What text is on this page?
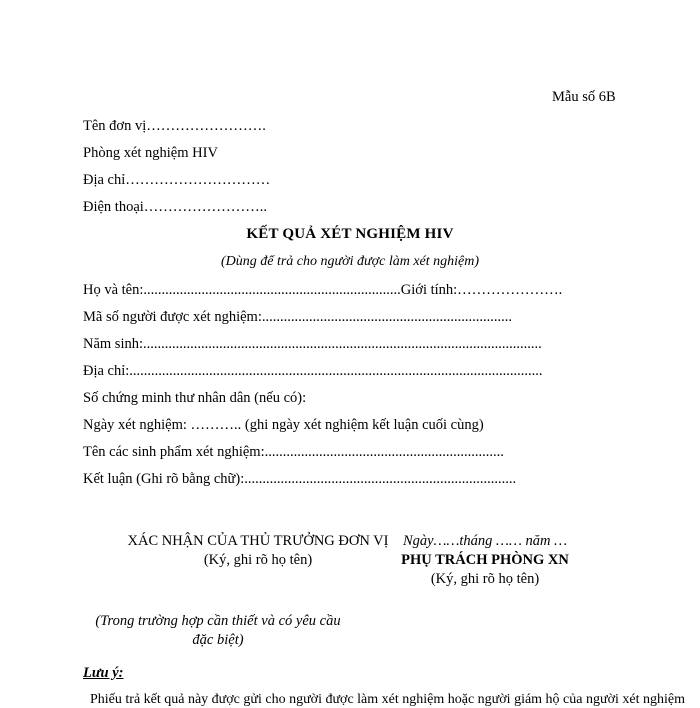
Mẫu số 6B
Tên đơn vị…………………….
Phòng xét nghiệm HIV
Địa chỉ…………………………
Điện thoại……………………..
KẾT QUẢ XÉT NGHIỆM HIV
(Dùng để trả cho người được làm xét nghiệm)
Họ và tên:.......................................................................Giới tính:………………….
Mã số người được xét nghiệm:.....................................................................
Năm sinh:..............................................................................................................
Địa chỉ:..................................................................................................................
Số chứng minh thư nhân dân (nếu có):
Ngày xét nghiệm: ……….. (ghi ngày xét nghiệm kết luận cuối cùng)
Tên các sinh phẩm xét nghiệm:..................................................................
Kết luận (Ghi rõ bằng chữ):...........................................................................
XÁC NHẬN CỦA THỦ TRƯỞNG ĐƠN VỊ
(Ký, ghi rõ họ tên)
(Trong trường hợp cần thiết và có yêu cầu đặc biệt)
Ngày……tháng …… năm …
PHỤ TRÁCH PHÒNG XN
(Ký, ghi rõ họ tên)
Lưu ý:
Phiếu trả kết quả này được gửi cho người được làm xét nghiệm hoặc người giám hộ của người xét nghiệm
